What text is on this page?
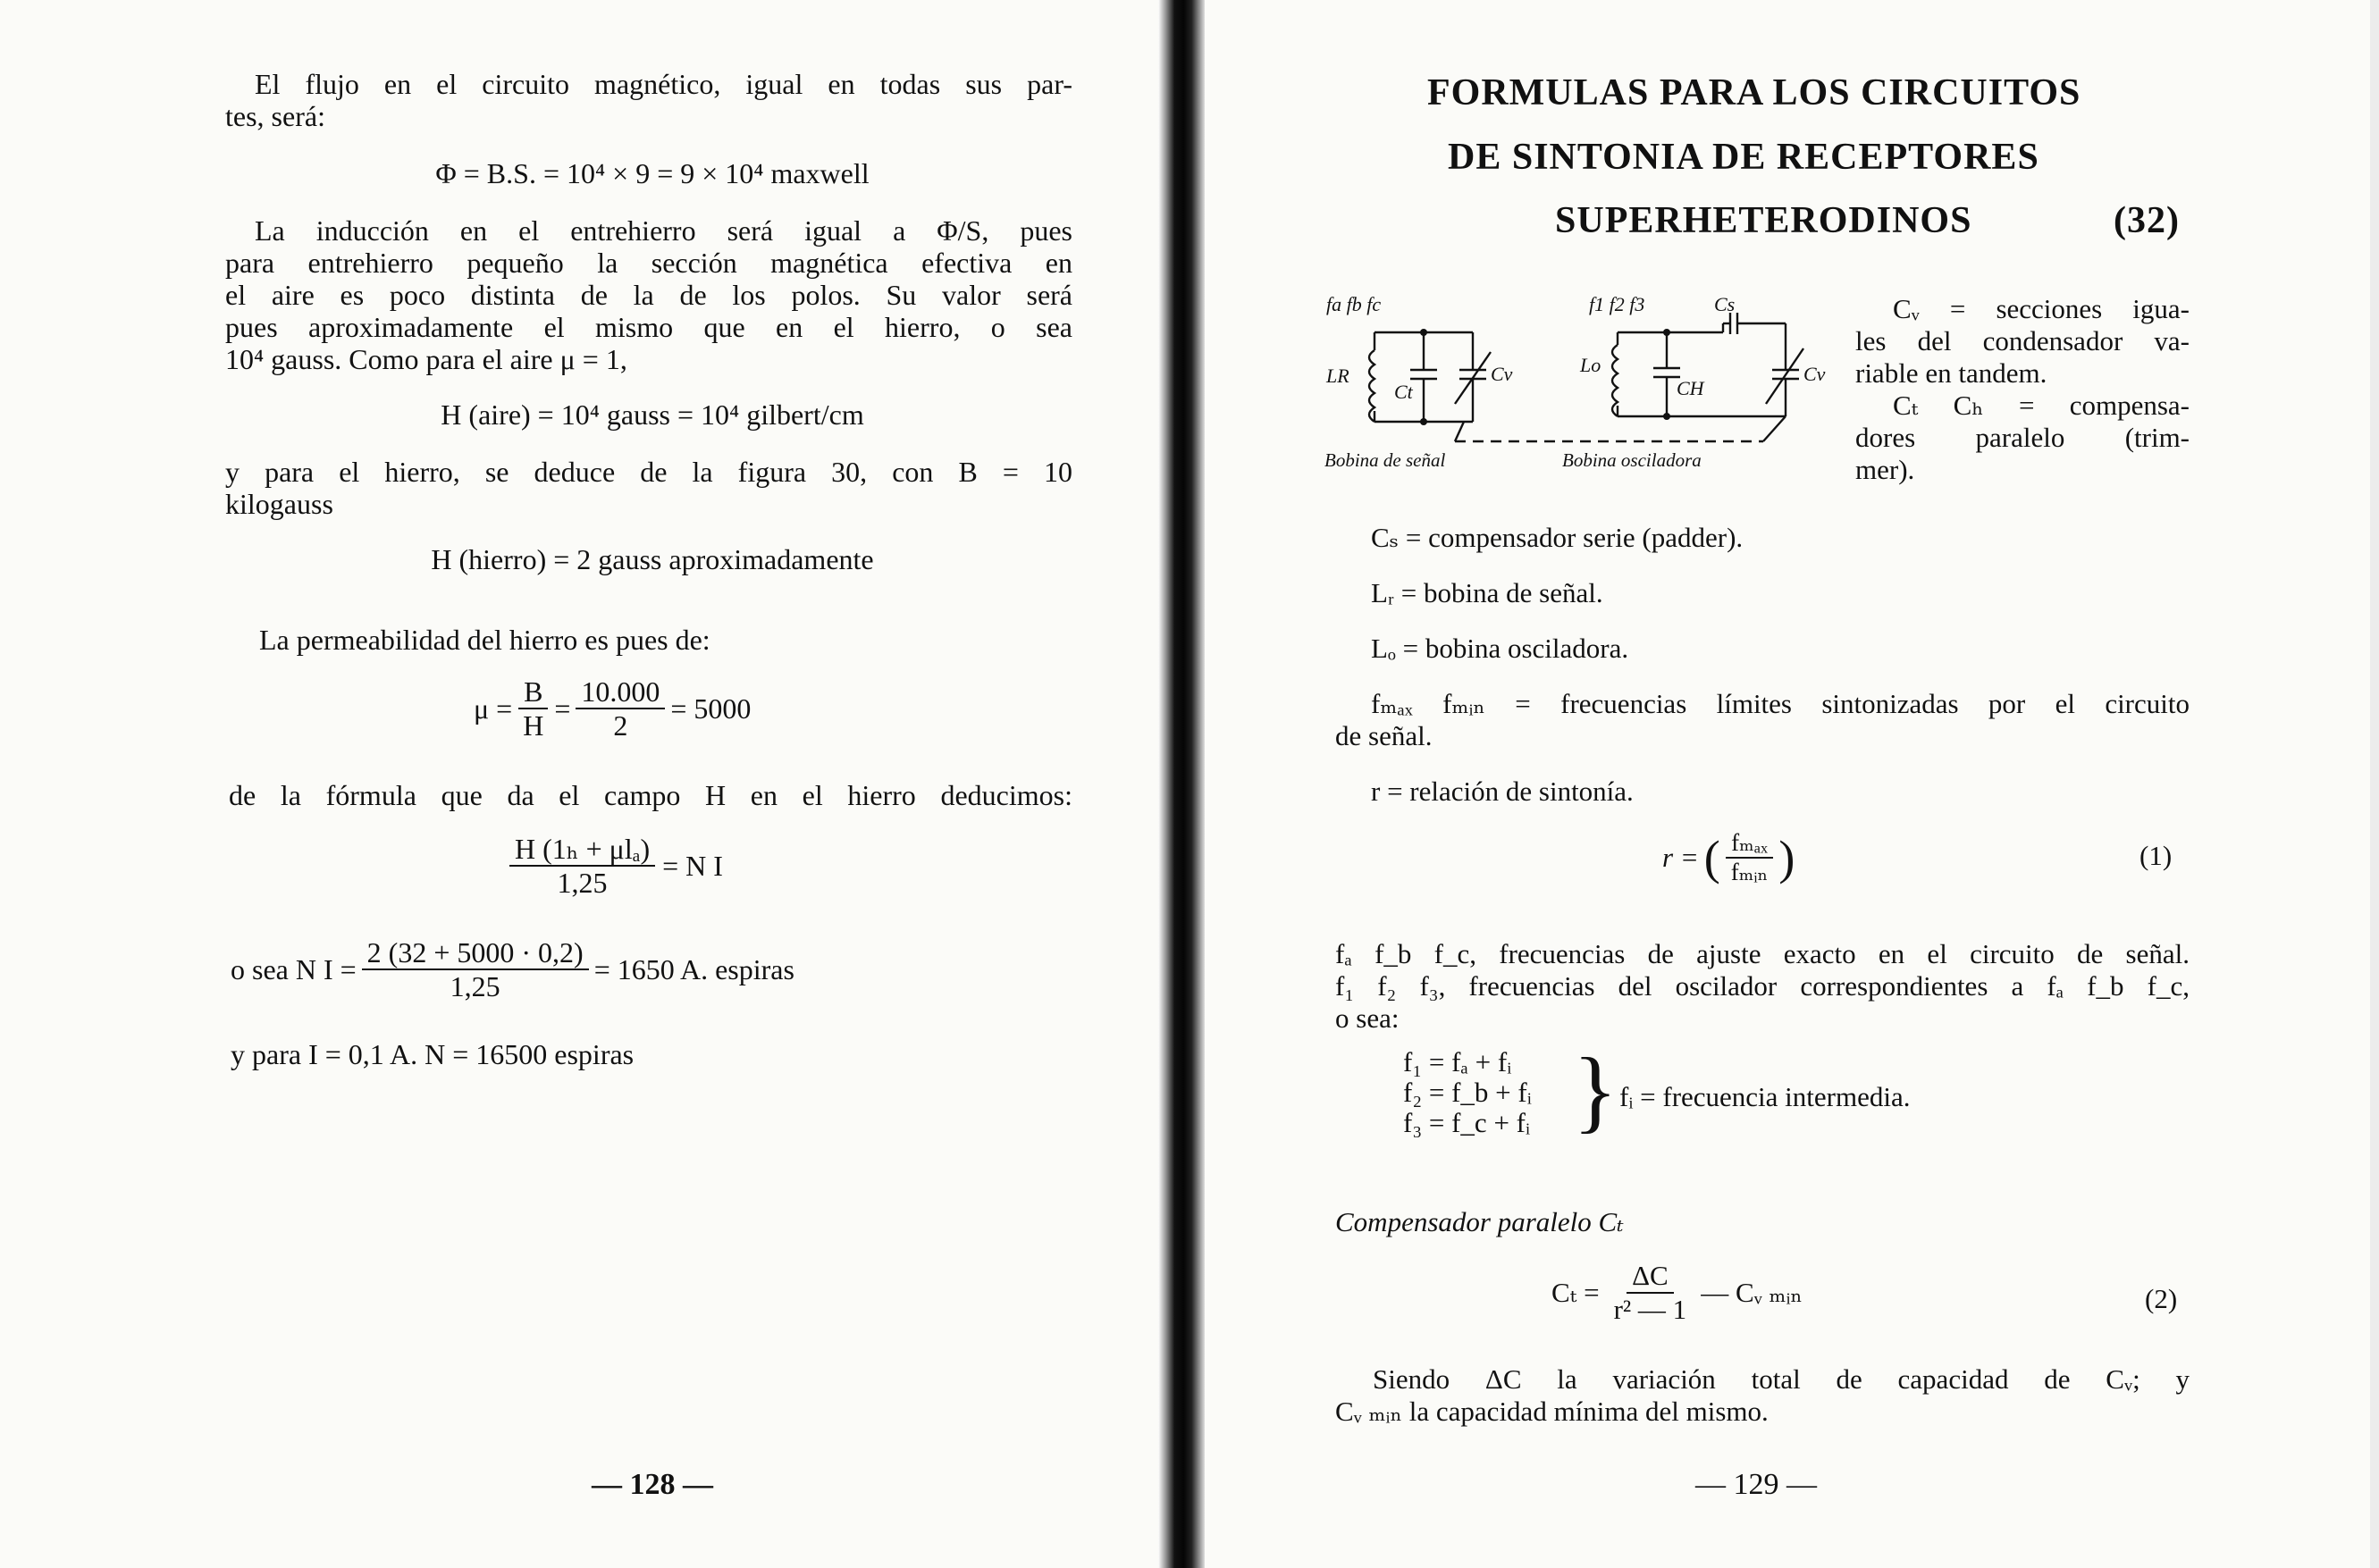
El flujo en el circuito magnético, igual en todas sus par-
tes, será:
Φ = B.S. = 10⁴ × 9 = 9 × 10⁴ maxwell
La inducción en el entrehierro será igual a Φ/S, pues
para entrehierro pequeño la sección magnética efectiva en
el aire es poco distinta de la de los polos. Su valor será
pues aproximadamente el mismo que en el hierro, o sea
10⁴ gauss. Como para el aire μ = 1,
H (aire) = 10⁴ gauss = 10⁴ gilbert/cm
y para el hierro, se deduce de la figura 30, con B = 10
kilogauss
H (hierro) = 2 gauss aproximadamente
La permeabilidad del hierro es pues de:
$\mu = \frac{B}{H} = \frac{10.000}{2} = 5000$
de la fórmula que da el campo H en el hierro deducimos:
$\frac{\text{H (1ₕ + μlₐ)}}{1,25} = N$ I
o sea N $I = \frac{2 (32 + 5000 \cdot 0,2)}{1,25} = 1650$ A. espiras
y para I = 0,1 A. N = 16500 espiras
— 128 —
FORMULAS PARA LOS CIRCUITOS
DE SINTONIA DE RECEPTORES
SUPERHETERODINOS	(32)
fa fb fc	f1 f2 f3	Cs
LR
Ct
Cv	Lo
CH
Cv
Bobina de señal	Bobina osciladora
Cᵥ = secciones igua-
les del condensador va-
riable en tandem.
Cₜ Cₕ = compensa-
dores paralelo (trim-
mer).
Cₛ = compensador serie (padder).
Lᵣ = bobina de señal.
Lₒ = bobina osciladora.
fₘₐₓ fₘᵢₙ = frecuencias límites sintonizadas por el circuito
de señal.
r = relación de sintonía.
r = ( $\frac{\text{fₘₐₓ}}{\text{fₘᵢₙ}}$ )	(1)
fₐ f_b f_c, frecuencias de ajuste exacto en el circuito de señal.
f₁ f₂ f₃, frecuencias del oscilador correspondientes a fₐ f_b f_c,
o sea:
f₁ = fₐ + fᵢ
f₂ = f_b + fᵢ
f₃ = f_c + fᵢ } fᵢ = frecuencia intermedia.
Compensador paralelo Cₜ
$C_t = \frac{\Delta C}{\text{r² — 1}}$ — Cᵥ ₘᵢₙ	(2)
Siendo ΔC la variación total de capacidad de Cᵥ; y
Cᵥ ₘᵢₙ la capacidad mínima del mismo.
— 129 —
